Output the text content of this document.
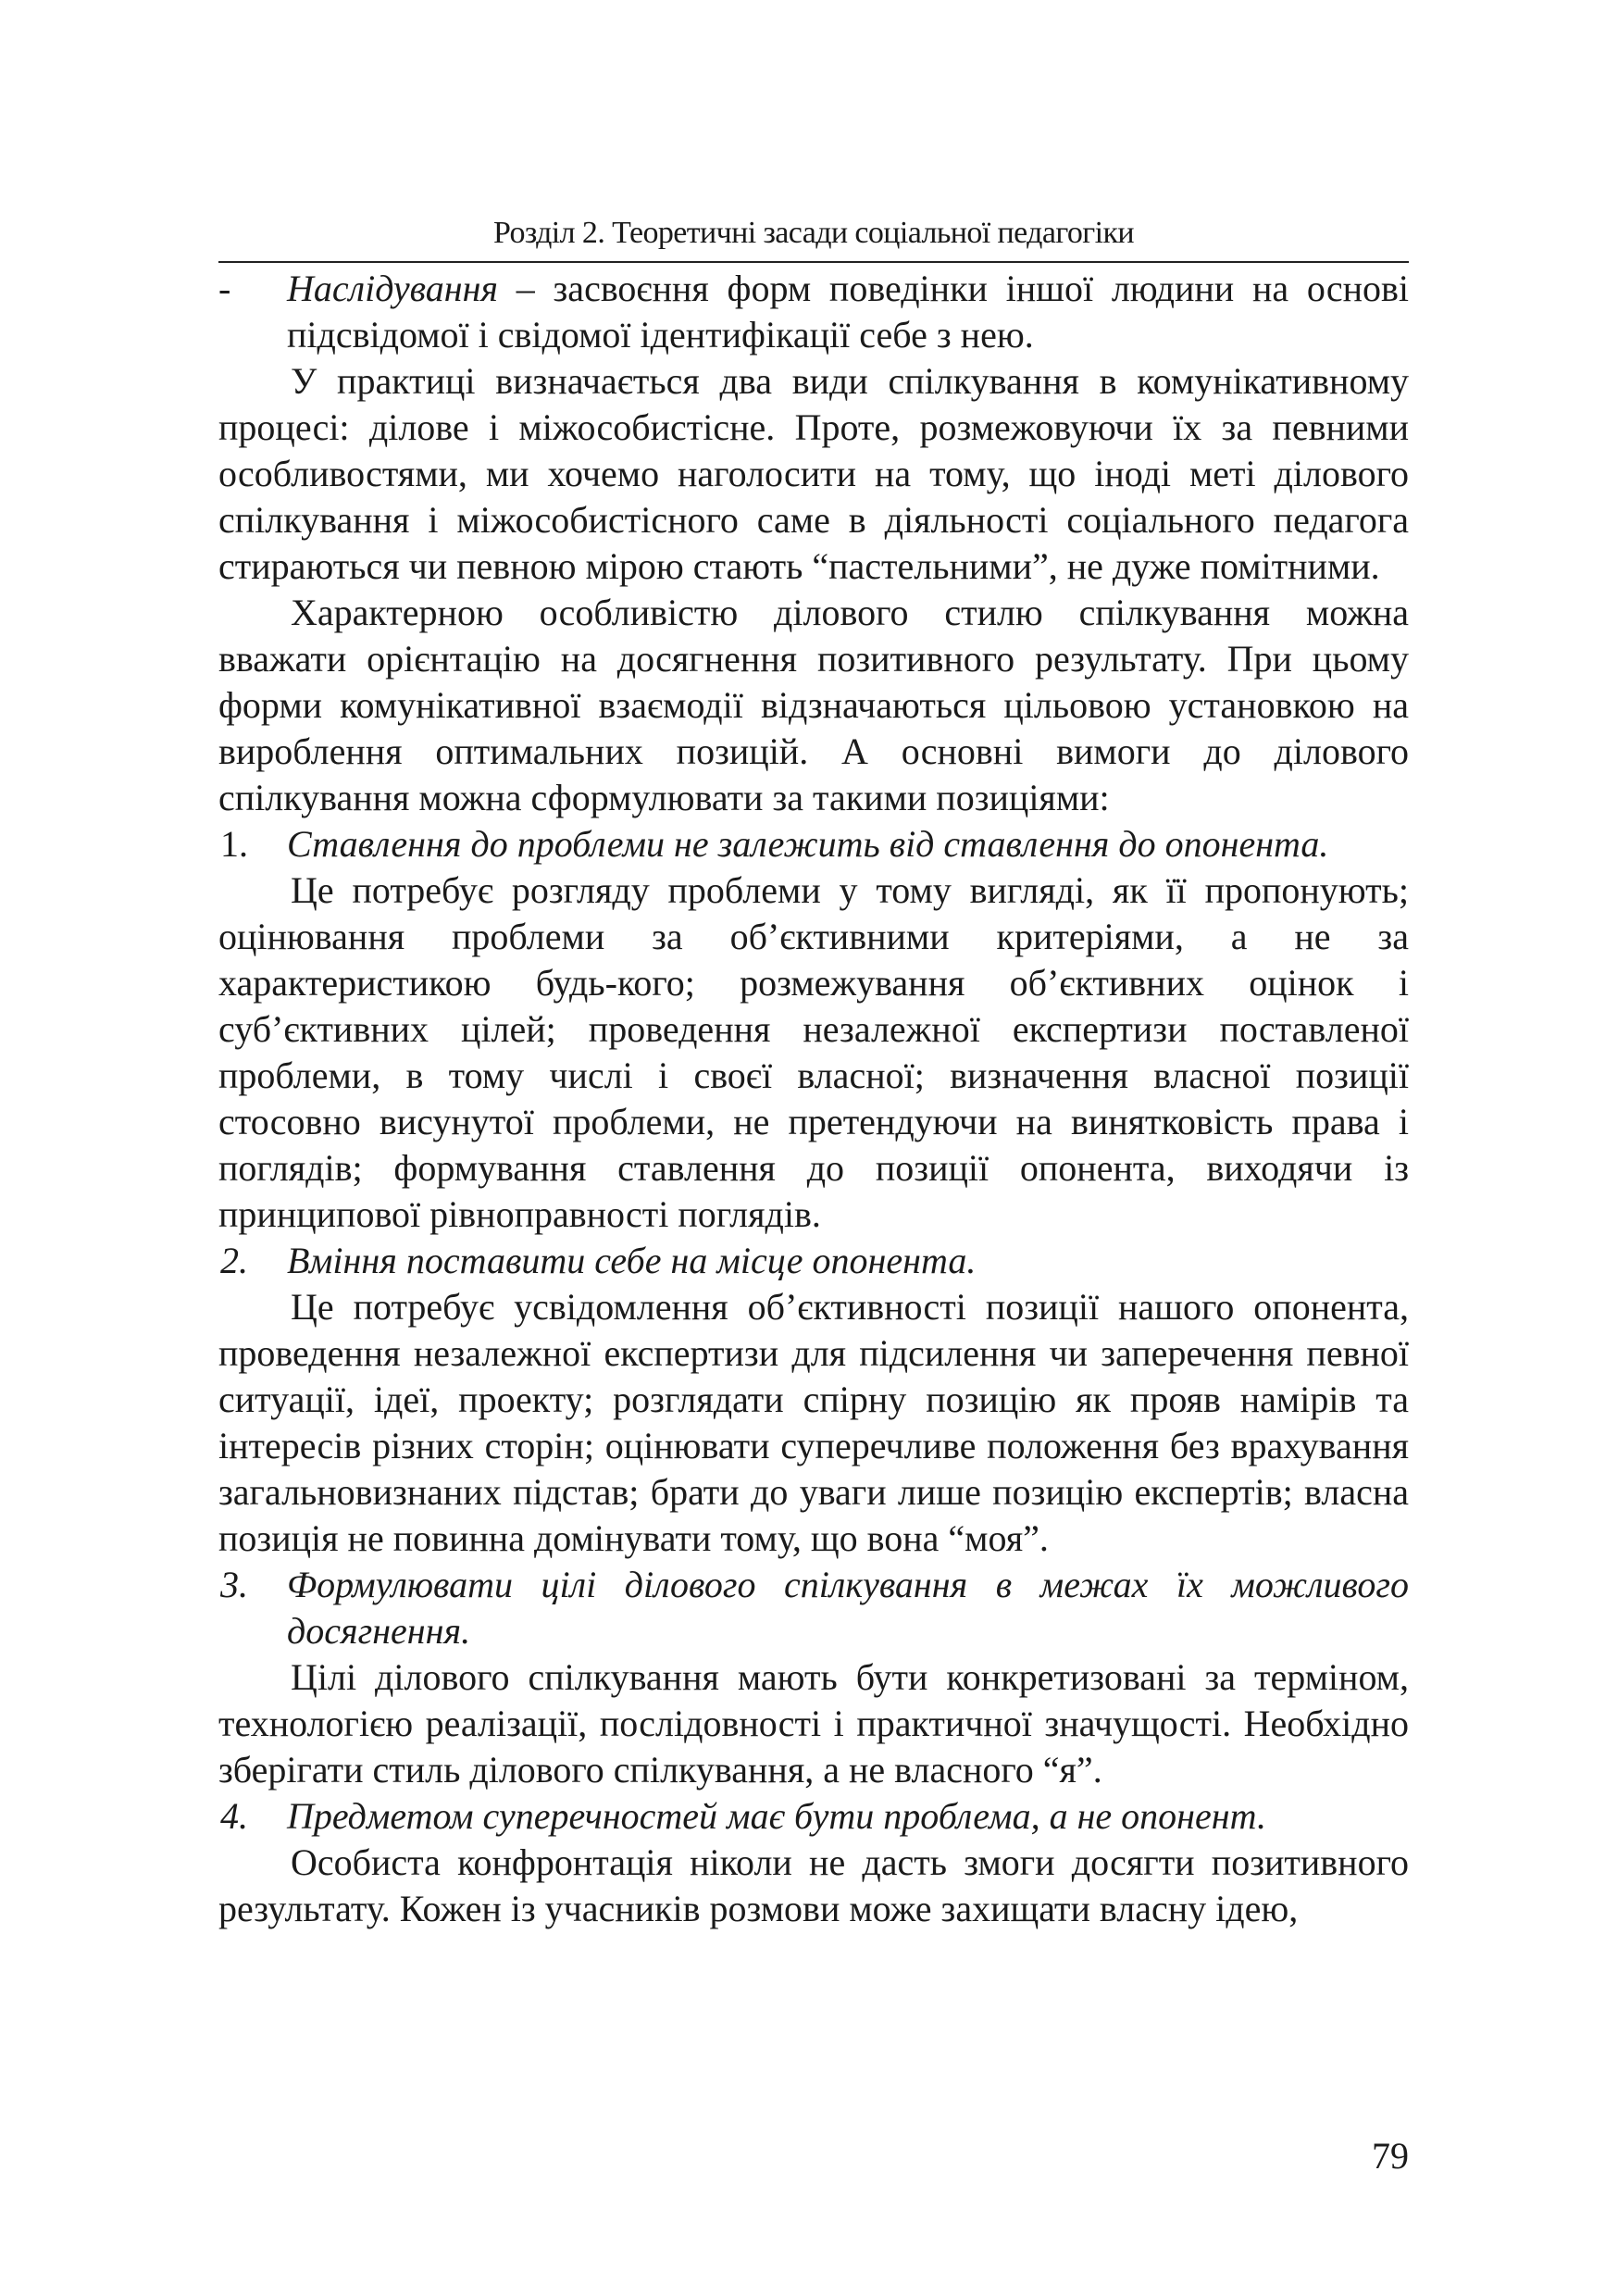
Розділ 2. Теоретичні засади соціальної педагогіки

- Наслідування – засвоєння форм поведінки іншої людини на основі підсвідомої і свідомої ідентифікації себе з нею.

У практиці визначається два види спілкування в комунікативному процесі: ділове і міжособистісне. Проте, розмежовуючи їх за певними особливостями, ми хочемо наголосити на тому, що іноді меті ділового спілкування і міжособистісного саме в діяльності соціального педагога стираються чи певною мірою стають “пастельними”, не дуже помітними.

Характерною особливістю ділового стилю спілкування можна вважати орієнтацію на досягнення позитивного результату. При цьому форми комунікативної взаємодії відзначаються цільовою установкою на вироблення оптимальних позицій. А основні вимоги до ділового спілкування можна сформулювати за такими позиціями:

1. Ставлення до проблеми не залежить від ставлення до опонента.

Це потребує розгляду проблеми у тому вигляді, як її пропонують; оцінювання проблеми за об’єктивними критеріями, а не за характеристикою будь-кого; розмежування об’єктивних оцінок і суб’єктивних цілей; проведення незалежної експертизи поставленої проблеми, в тому числі і своєї власної; визначення власної позиції стосовно висунутої проблеми, не претендуючи на винятковість права і поглядів; формування ставлення до позиції опонента, виходячи із принципової рівноправності поглядів.

2. Вміння поставити себе на місце опонента.

Це потребує усвідомлення об’єктивності позиції нашого опонента, проведення незалежної експертизи для підсилення чи заперечення певної ситуації, ідеї, проекту; розглядати спірну позицію як прояв намірів та інтересів різних сторін; оцінювати суперечливе положення без врахування загальновизнаних підстав; брати до уваги лише позицію експертів; власна позиція не повинна домінувати тому, що вона “моя”.

3. Формулювати цілі ділового спілкування в межах їх можливого досягнення.

Цілі ділового спілкування мають бути конкретизовані за терміном, технологією реалізації, послідовності і практичної значущості. Необхідно зберігати стиль ділового спілкування, а не власного “я”.

4. Предметом суперечностей має бути проблема, а не опонент.

Особиста конфронтація ніколи не дасть змоги досягти позитивного результату. Кожен із учасників розмови може захищати власну ідею,

79
